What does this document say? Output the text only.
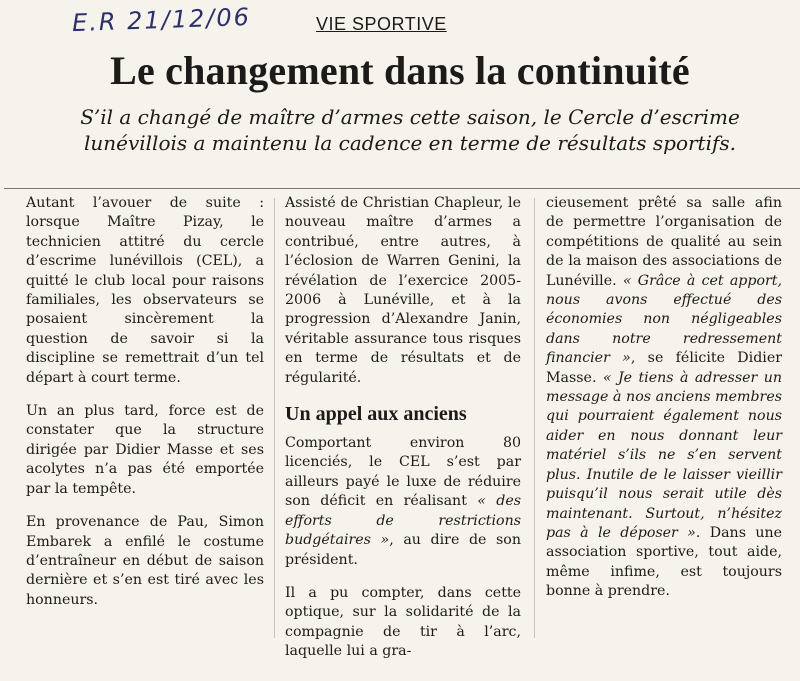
E.R 21/12/06	VIE SPORTIVE
Le changement dans la continuité
S’il a changé de maître d’armes cette saison, le Cercle d’escrime lunévillois a maintenu la cadence en terme de résultats sportifs.

Autant l’avouer de suite : lorsque Maître Pizay, le technicien attitré du cercle d’escrime lunévillois (CEL), a quitté le club local pour raisons familiales, les observateurs se posaient sincèrement la question de savoir si la discipline se remettrait d’un tel départ à court terme.

Un an plus tard, force est de constater que la structure dirigée par Didier Masse et ses acolytes n’a pas été emportée par la tempête.

En provenance de Pau, Simon Embarek a enfilé le costume d’entraîneur en début de saison dernière et s’en est tiré avec les honneurs.

Assisté de Christian Chapleur, le nouveau maître d’armes a contribué, entre autres, à l’éclosion de Warren Genini, la révélation de l’exercice 2005-2006 à Lunéville, et à la progression d’Alexandre Janin, véritable assurance tous risques en terme de résultats et de régularité.

Un appel aux anciens

Comportant environ 80 licenciés, le CEL s’est par ailleurs payé le luxe de réduire son déficit en réalisant « des efforts de restrictions budgétaires », au dire de son président.

Il a pu compter, dans cette optique, sur la solidarité de la compagnie de tir à l’arc, laquelle lui a gra-

cieusement prêté sa salle afin de permettre l’organisation de compétitions de qualité au sein de la maison des associations de Lunéville. « Grâce à cet apport, nous avons effectué des économies non négligeables dans notre redressement financier », se félicite Didier Masse. « Je tiens à adresser un message à nos anciens membres qui pourraient également nous aider en nous donnant leur matériel s’ils ne s’en servent plus. Inutile de le laisser vieillir puisqu’il nous serait utile dès maintenant. Surtout, n’hésitez pas à le déposer ». Dans une association sportive, tout aide, même infime, est toujours bonne à prendre.
